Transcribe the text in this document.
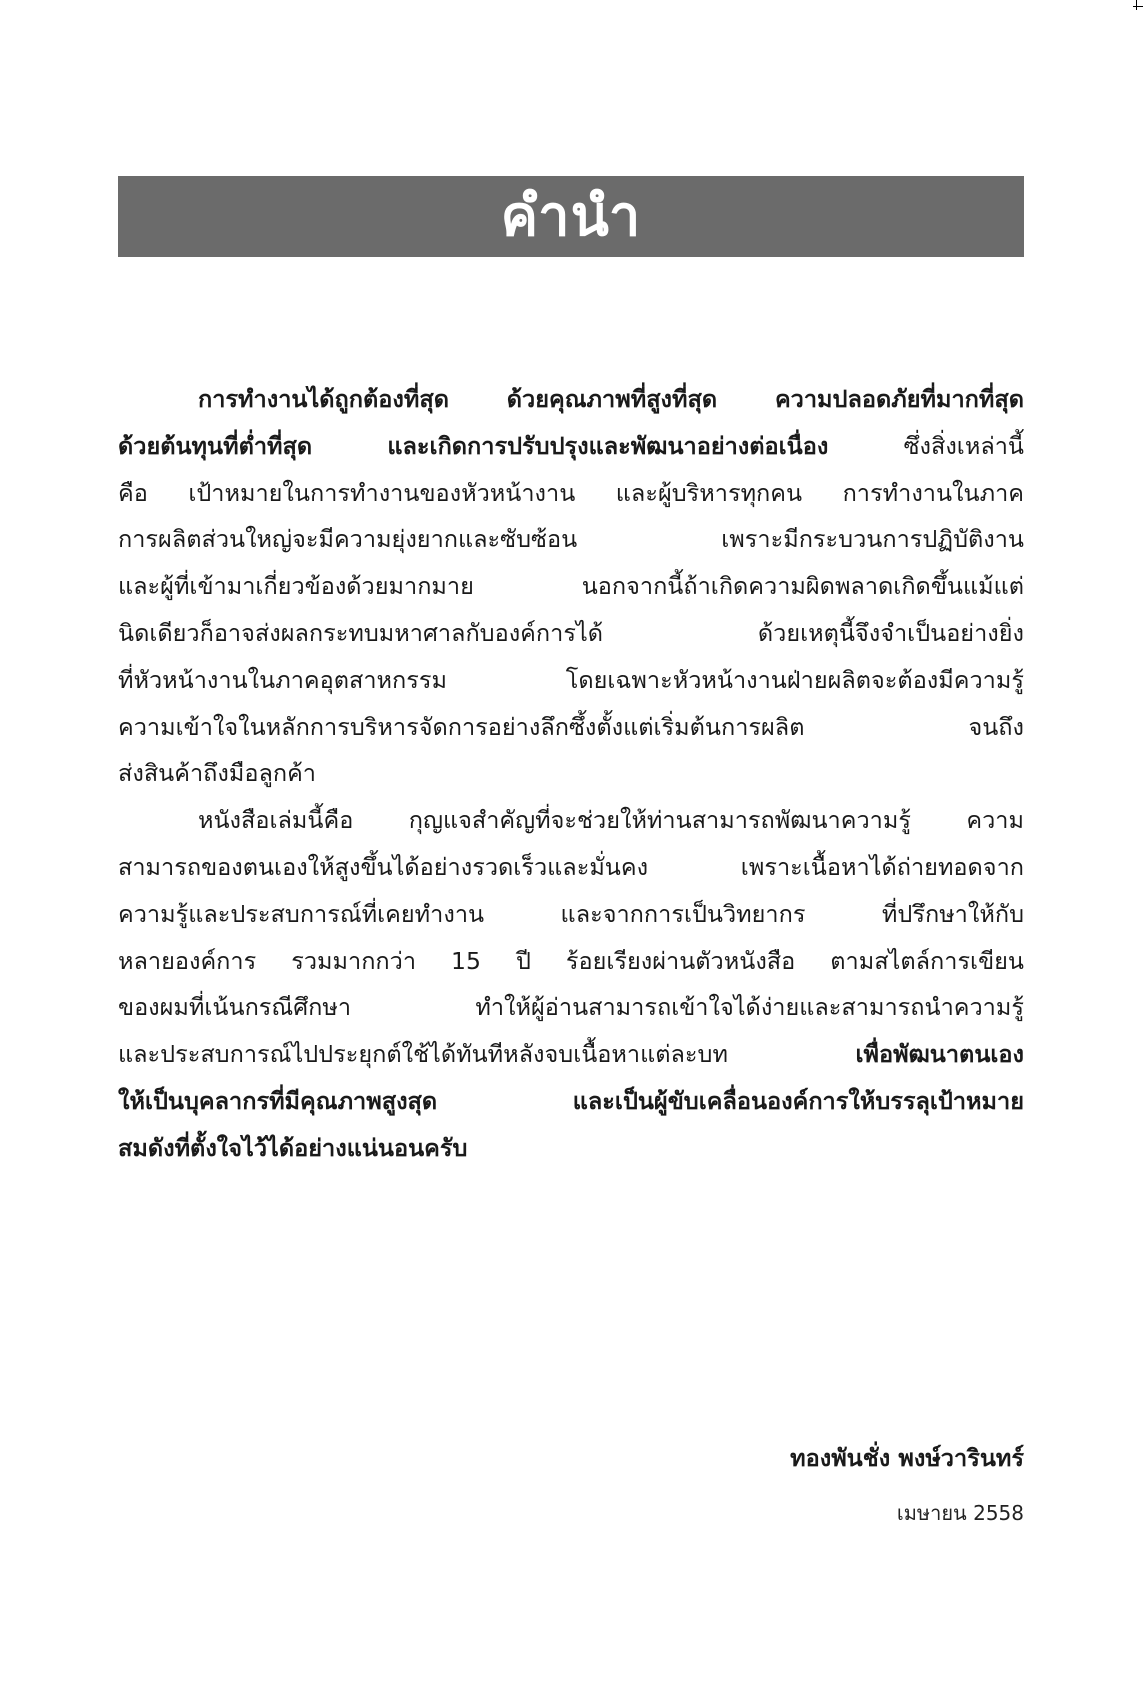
คำนำ
การทำงานได้ถูกต้องที่สุด ด้วยคุณภาพที่สูงที่สุด ความปลอดภัยที่มากที่สุด
ด้วยต้นทุนที่ต่ำที่สุด และเกิดการปรับปรุงและพัฒนาอย่างต่อเนื่อง ซึ่งสิ่งเหล่านี้
คือ เป้าหมายในการทำงานของหัวหน้างาน และผู้บริหารทุกคน การทำงานในภาค
การผลิตส่วนใหญ่จะมีความยุ่งยากและซับซ้อน เพราะมีกระบวนการปฏิบัติงาน
และผู้ที่เข้ามาเกี่ยวข้องด้วยมากมาย นอกจากนี้ถ้าเกิดความผิดพลาดเกิดขึ้นแม้แต่
นิดเดียวก็อาจส่งผลกระทบมหาศาลกับองค์การได้ ด้วยเหตุนี้จึงจำเป็นอย่างยิ่ง
ที่หัวหน้างานในภาคอุตสาหกรรม โดยเฉพาะหัวหน้างานฝ่ายผลิตจะต้องมีความรู้
ความเข้าใจในหลักการบริหารจัดการอย่างลึกซึ้งตั้งแต่เริ่มต้นการผลิต จนถึง
ส่งสินค้าถึงมือลูกค้า
หนังสือเล่มนี้คือ กุญแจสำคัญที่จะช่วยให้ท่านสามารถพัฒนาความรู้ ความ
สามารถของตนเองให้สูงขึ้นได้อย่างรวดเร็วและมั่นคง เพราะเนื้อหาได้ถ่ายทอดจาก
ความรู้และประสบการณ์ที่เคยทำงาน และจากการเป็นวิทยากร ที่ปรึกษาให้กับ
หลายองค์การ รวมมากกว่า 15 ปี ร้อยเรียงผ่านตัวหนังสือ ตามสไตล์การเขียน
ของผมที่เน้นกรณีศึกษา ทำให้ผู้อ่านสามารถเข้าใจได้ง่ายและสามารถนำความรู้
และประสบการณ์ไปประยุกต์ใช้ได้ทันทีหลังจบเนื้อหาแต่ละบท เพื่อพัฒนาตนเอง
ให้เป็นบุคลากรที่มีคุณภาพสูงสุด และเป็นผู้ขับเคลื่อนองค์การให้บรรลุเป้าหมาย
สมดังที่ตั้งใจไว้ได้อย่างแน่นอนครับ
ทองพันชั่ง พงษ์วารินทร์
เมษายน 2558
